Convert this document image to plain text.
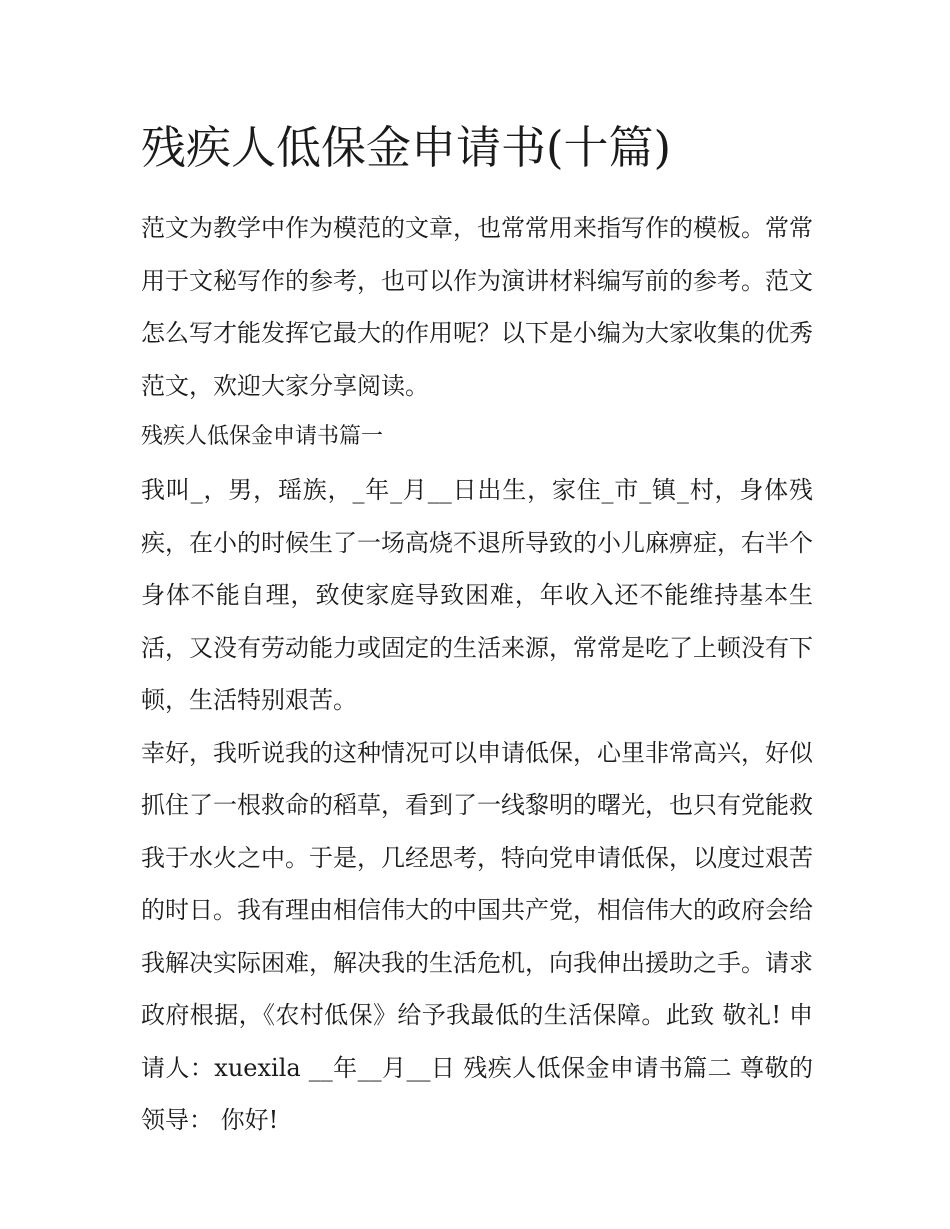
残疾人低保金申请书(十篇)

范文为教学中作为模范的文章，也常常用来指写作的模板。常常用于文秘写作的参考，也可以作为演讲材料编写前的参考。范文怎么写才能发挥它最大的作用呢？以下是小编为大家收集的优秀范文，欢迎大家分享阅读。

残疾人低保金申请书篇一

我叫_，男，瑶族，_年_月__日出生，家住_市_镇_村，身体残疾，在小的时候生了一场高烧不退所导致的小儿麻痹症，右半个身体不能自理，致使家庭导致困难，年收入还不能维持基本生活，又没有劳动能力或固定的生活来源，常常是吃了上顿没有下顿，生活特别艰苦。

幸好，我听说我的这种情况可以申请低保，心里非常高兴，好似抓住了一根救命的稻草，看到了一线黎明的曙光，也只有党能救我于水火之中。于是，几经思考，特向党申请低保，以度过艰苦的时日。我有理由相信伟大的中国共产党，相信伟大的政府会给我解决实际困难，解决我的生活危机，向我伸出援助之手。请求政府根据，《农村低保》给予我最低的生活保障。此致 敬礼! 申请人：xuexila __年__月__日 残疾人低保金申请书篇二 尊敬的领导： 你好!
